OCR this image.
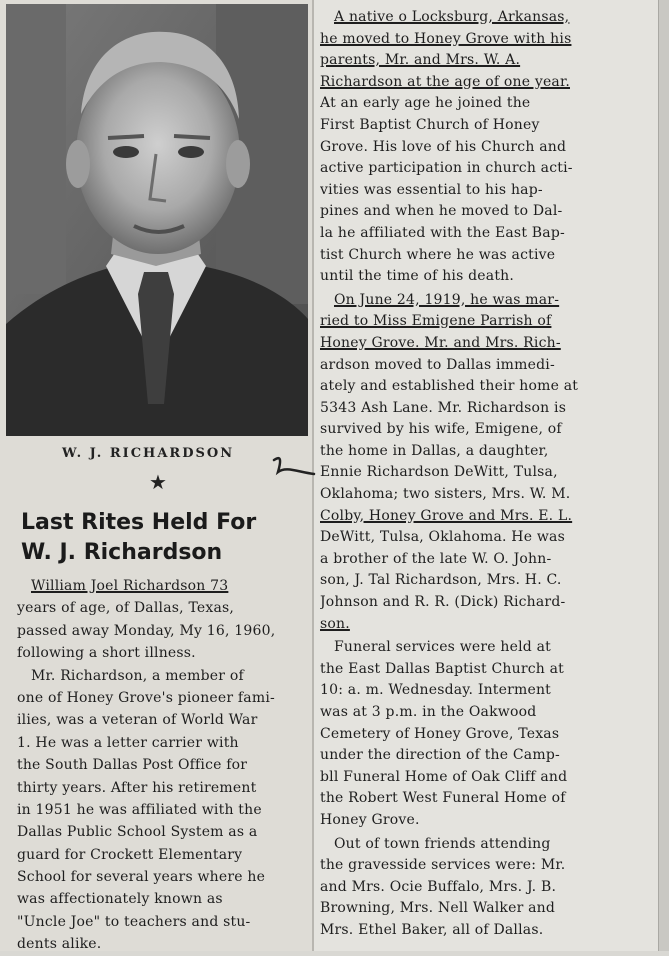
W. J. RICHARDSON
★
Last Rites Held For
W. J. Richardson
William Joel Richardson 73
years of age, of Dallas, Texas,
passed away Monday, My 16, 1960,
following a short illness.
Mr. Richardson, a member of
one of Honey Grove's pioneer fami-
ilies, was a veteran of World War
1. He was a letter carrier with
the South Dallas Post Office for
thirty years. After his retirement
in 1951 he was affiliated with the
Dallas Public School System as a
guard for Crockett Elementary
School for several years where he
was affectionately known as
"Uncle Joe" to teachers and stu-
dents alike.
A native o Locksburg, Arkansas,
he moved to Honey Grove with his
parents, Mr. and Mrs. W. A.
Richardson at the age of one year.
At an early age he joined the
First Baptist Church of Honey
Grove. His love of his Church and
active participation in church acti-
vities was essential to his hap-
pines and when he moved to Dal-
la he affiliated with the East Bap-
tist Church where he was active
until the time of his death.
On June 24, 1919, he was mar-
ried to Miss Emigene Parrish of
Honey Grove. Mr. and Mrs. Rich-
ardson moved to Dallas immedi-
ately and established their home at
5343 Ash Lane. Mr. Richardson is
survived by his wife, Emigene, of
the home in Dallas, a daughter,
Ennie Richardson DeWitt, Tulsa,
Oklahoma; two sisters, Mrs. W. M.
Colby, Honey Grove and Mrs. E. L.
DeWitt, Tulsa, Oklahoma. He was
a brother of the late W. O. John-
son, J. Tal Richardson, Mrs. H. C.
Johnson and R. R. (Dick) Richard-
son.
Funeral services were held at
the East Dallas Baptist Church at
10: a. m. Wednesday. Interment
was at 3 p.m. in the Oakwood
Cemetery of Honey Grove, Texas
under the direction of the Camp-
bll Funeral Home of Oak Cliff and
the Robert West Funeral Home of
Honey Grove.
Out of town friends attending
the gravesside services were: Mr.
and Mrs. Ocie Buffalo, Mrs. J. B.
Browning, Mrs. Nell Walker and
Mrs. Ethel Baker, all of Dallas.
